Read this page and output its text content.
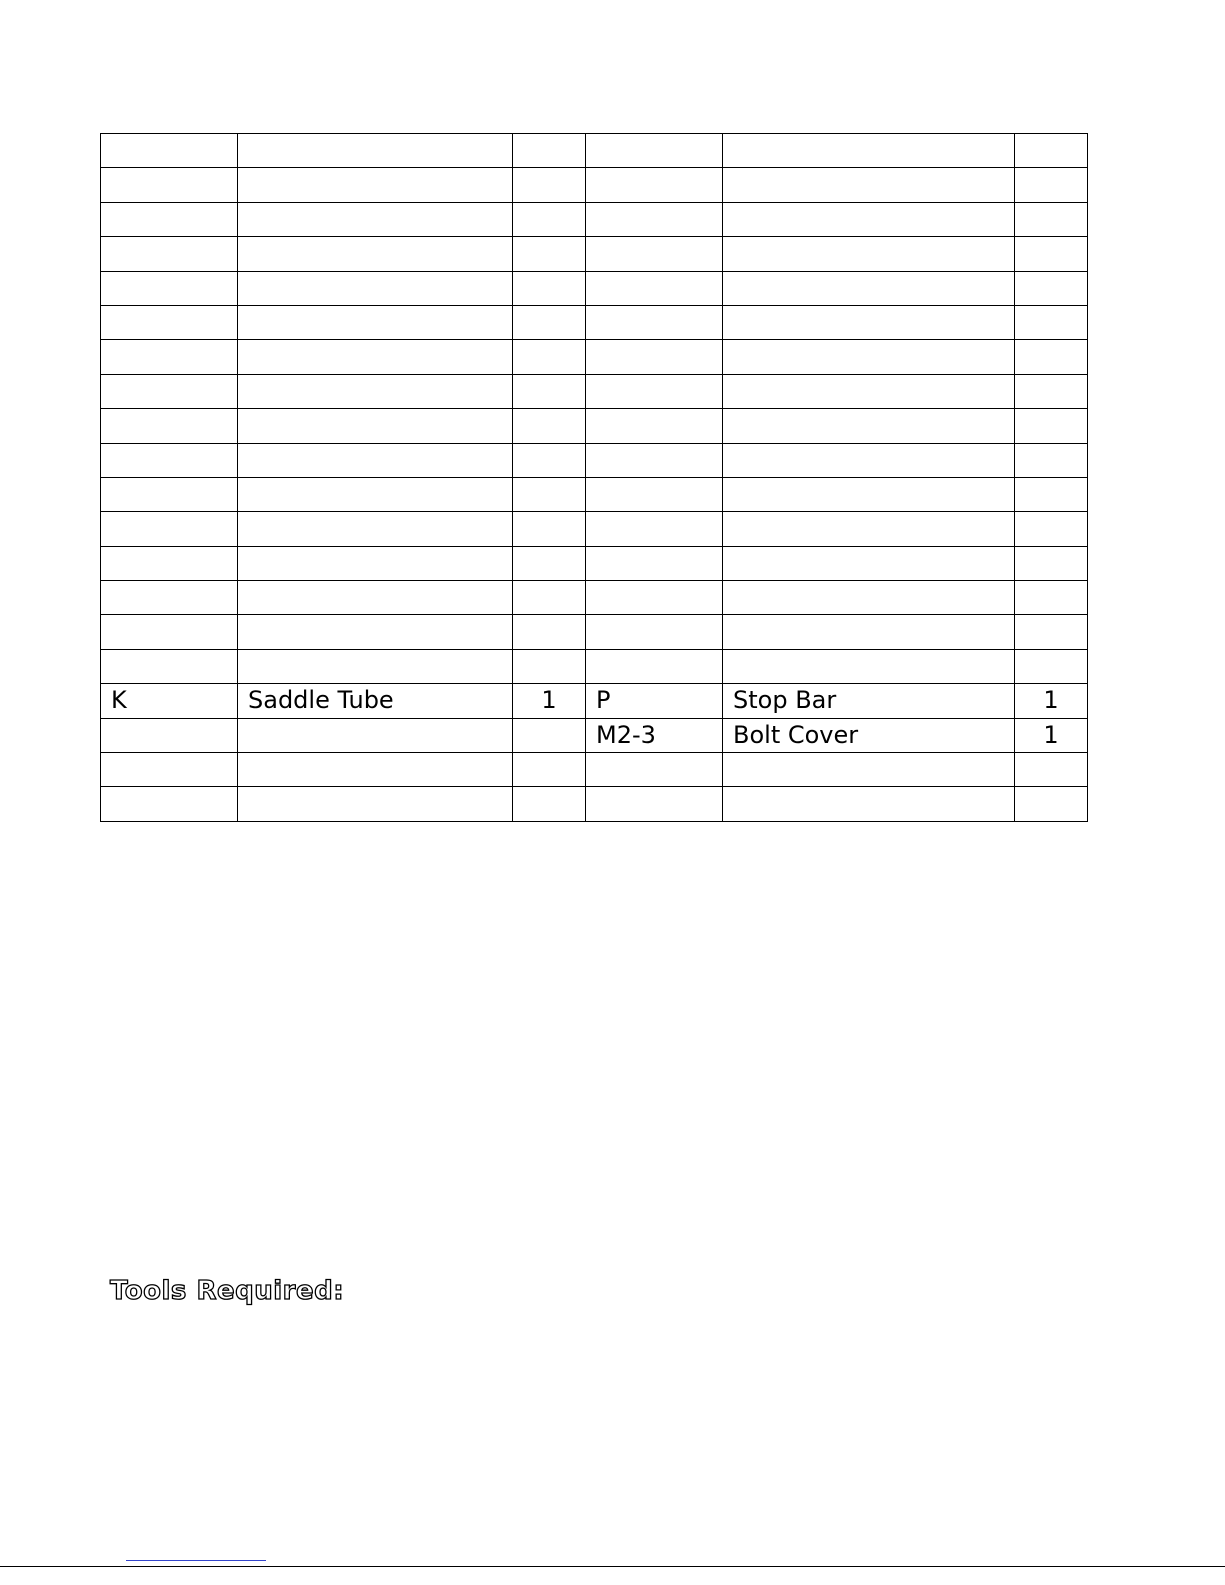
K	Saddle Tube	1	P	Stop Bar	1
			M2-3	Bolt Cover	1

Tools Required:
